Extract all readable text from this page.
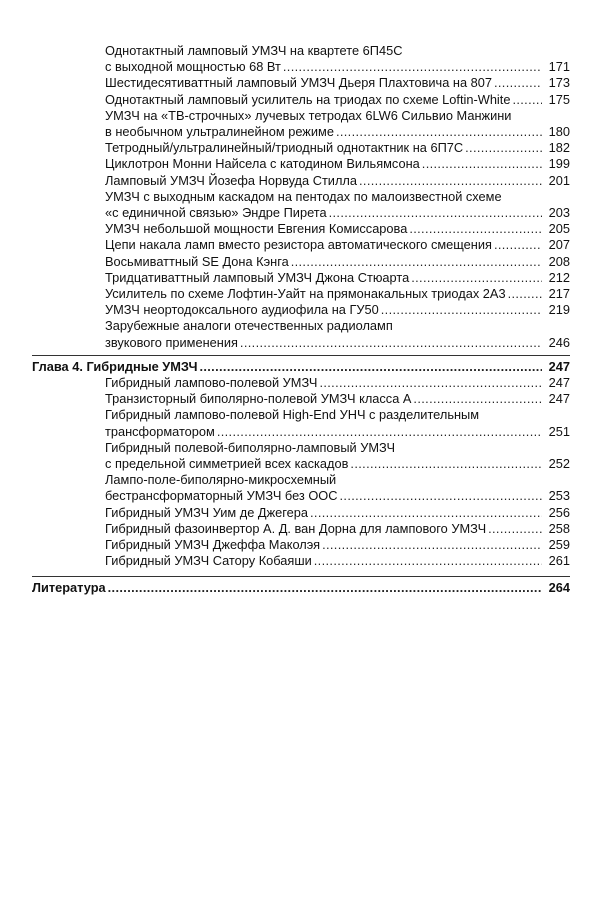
Однотактный ламповый УМЗЧ на квартете 6П45С
с выходной мощностью 68 Вт . . .	171
Шестидесятиваттный ламповый УМЗЧ Дьеря Плахтовича на 807 . . .	173
Однотактный ламповый усилитель на триодах по схеме Loftin-White . . .	175
УМЗЧ на «ТВ-строчных» лучевых тетродах 6LW6 Сильвио Манжини
в необычном ультралинейном режиме . . .	180
Тетродный/ультралинейный/триодный однотактник на 6П7С . . .	182
Циклотрон Монни Найсела с катодином Вильямсона . . .	199
Ламповый УМЗЧ Йозефа Норвуда Стилла . . .	201
УМЗЧ с выходным каскадом на пентодах по малоизвестной схеме
«с единичной связью» Эндре Пирета . . .	203
УМЗЧ небольшой мощности Евгения Комиссарова . . .	205
Цепи накала ламп вместо резистора автоматического смещения . . .	207
Восьмиваттный SE Дона Кэнга . . .	208
Тридцативаттный ламповый УМЗЧ Джона Стюарта . . .	212
Усилитель по схеме Лофтин-Уайт на прямонакальных триодах 2А3 . . .	217
УМЗЧ неортодоксального аудиофила на ГУ50 . . .	219
Зарубежные аналоги отечественных радиоламп
звукового применения . . .	246
Глава 4. Гибридные УМЗЧ . . .	247
Гибридный лампово-полевой УМЗЧ . . .	247
Транзисторный биполярно-полевой УМЗЧ класса А . . .	247
Гибридный лампово-полевой High-End УНЧ с разделительным
трансформатором . . .	251
Гибридный полевой-биполярно-ламповый УМЗЧ
с предельной симметрией всех каскадов . . .	252
Лампо-поле-биполярно-микросхемный
бестрансформаторный УМЗЧ без ООС . . .	253
Гибридный УМЗЧ Уим де Джегера . . .	256
Гибридный фазоинвертор А. Д. ван Дорна для лампового УМЗЧ . . .	258
Гибридный УМЗЧ Джеффа Маколэя . . .	259
Гибридный УМЗЧ Сатору Кобаяши . . .	261
Литература . . .	264
